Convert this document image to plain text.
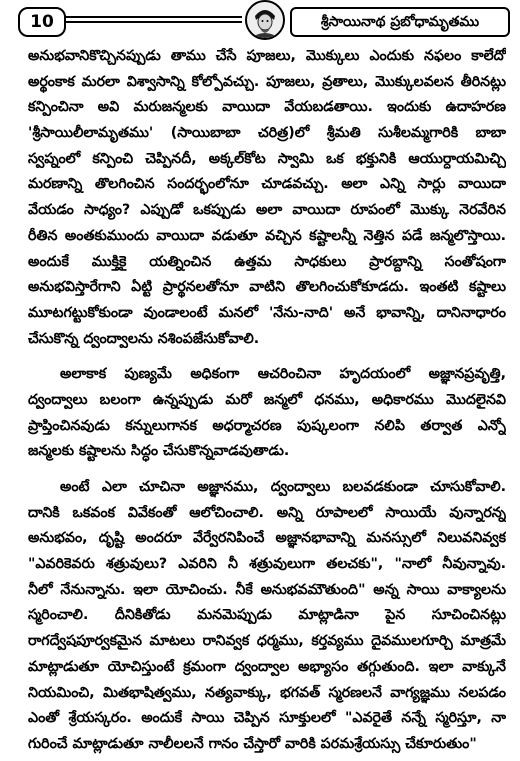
10	శ్రీసాయినాథ ప్రబోధామృతము
అనుభవానికొచ్చినప్పుడు తాము చేసే పూజలు, మొక్కులు ఎందుకు నఫలం కాలేదో
అర్థంకాక మరలా విశ్వాసాన్ని కోల్పోవచ్చు. పూజలు, వ్రతాలు, మొక్కులవలన తీరినట్లు
కన్పించినా అవి మరుజన్మలకు వాయిదా వేయబడతాయి. ఇందుకు ఉదాహరణ
'శ్రీసాయిలీలామృతము' (సాయిబాబా చరిత్ర)లో శ్రీమతి సుశీలమ్మగారికి బాబా
స్వప్నంలో కన్పించి చెప్పినదీ, అక్కల్‌కోట స్వామి ఒక భక్తునికి ఆయుర్దాయమిచ్చి
మరణాన్ని తొలగించిన సందర్భంలోనూ చూడవచ్చు. అలా ఎన్ని సార్లు వాయిదా
వేయడం సాధ్యం? ఎప్పుడో ఒకప్పుడు అలా వాయిదా రూపంలో మొక్కు నెరవేరిన
రీతిన అంతకుముందు వాయిదా వడుతూ వచ్చిన కష్టాలన్నీ నెత్తిన పడే జన్మలొస్తాయి.
అందుకే ముక్తికై యత్నించిన ఉత్తమ సాధకులు ప్రారబ్దాన్ని సంతోషంగా
అనుభవిస్తారేగాని ఏట్టి ప్రార్థనలతోనూ వాటిని తొలగించుకోకూడదు. ఇంతటి కష్టాలు
మూటగట్టుకోకుండా వుండాలంటే మనలో 'నేను-నాది' అనే భావాన్ని, దానినాధారం
చేసుకొన్న ద్వంద్వాలను నశింపజేసుకోవాలి.
అలాకాక పుణ్యమే అధికంగా ఆచరించినా హృదయంలో అజ్ఞానప్రవృత్తి,
ద్వంద్వాలు బలంగా ఉన్నప్పుడు మరో జన్మలో ధనము, అధికారము మొదలైనవి
ప్రాప్తించినవుడు కన్నులుగానక అధర్మాచరణ పుష్కలంగా నలిపి తర్వాత ఎన్నో
జన్మలకు కష్టాలను సిద్ధం చేసుకొన్నవాడవుతాడు.
అంటే ఎలా చూచినా అజ్ఞానము, ద్వంద్వాలు బలవడకుండా చూసుకోవాలి.
దానికి ఒకవంక వివేకంతో ఆలోచించాలి. అన్ని రూపాలలో సాయియే వున్నారన్న
అనుభవం, దృష్టి అందరూ వేర్వేరనిపించే అజ్ఞానభావాన్ని మనస్సులో నిలువనివ్వక
"ఎవరికెవరు శత్రువులు? ఎవరిని నీ శత్రువులుగా తలచకు", "నాలో నీవున్నావు.
నీలో నేనున్నాను. ఇలా యోచించు. నీకే అనుభవమౌతుంది" అన్న సాయి వాక్యాలను
స్మరించాలి. దీనికితోడు మనమెప్పుడు మాట్లాడినా పైన సూచించినట్లు
రాగద్వేషపూర్వకమైన మాటలు రానివ్వక ధర్మము, కర్తవ్యము దైవములగూర్చి మాత్రమే
మాట్లాడుతూ యోచిస్తుంటే క్రమంగా ద్వంద్వాల అభ్యాసం తగ్గుతుంది. ఇలా వాక్కునే
నియమించి, మితభాషిత్వము, నత్యవాక్కు, భగవత్ స్మరణలనే వాగ్యజ్ఞము నలపడం
ఎంతో శ్రేయస్కరం. అందుకే సాయి చెప్పిన సూక్తులలో "ఎవరైతే నన్నే స్మరిస్తూ, నా
గురించే మాట్లాడుతూ నాలీలలనే గానం చేస్తారో వారికి పరమశ్రేయస్సు చేకూరుతుం"
